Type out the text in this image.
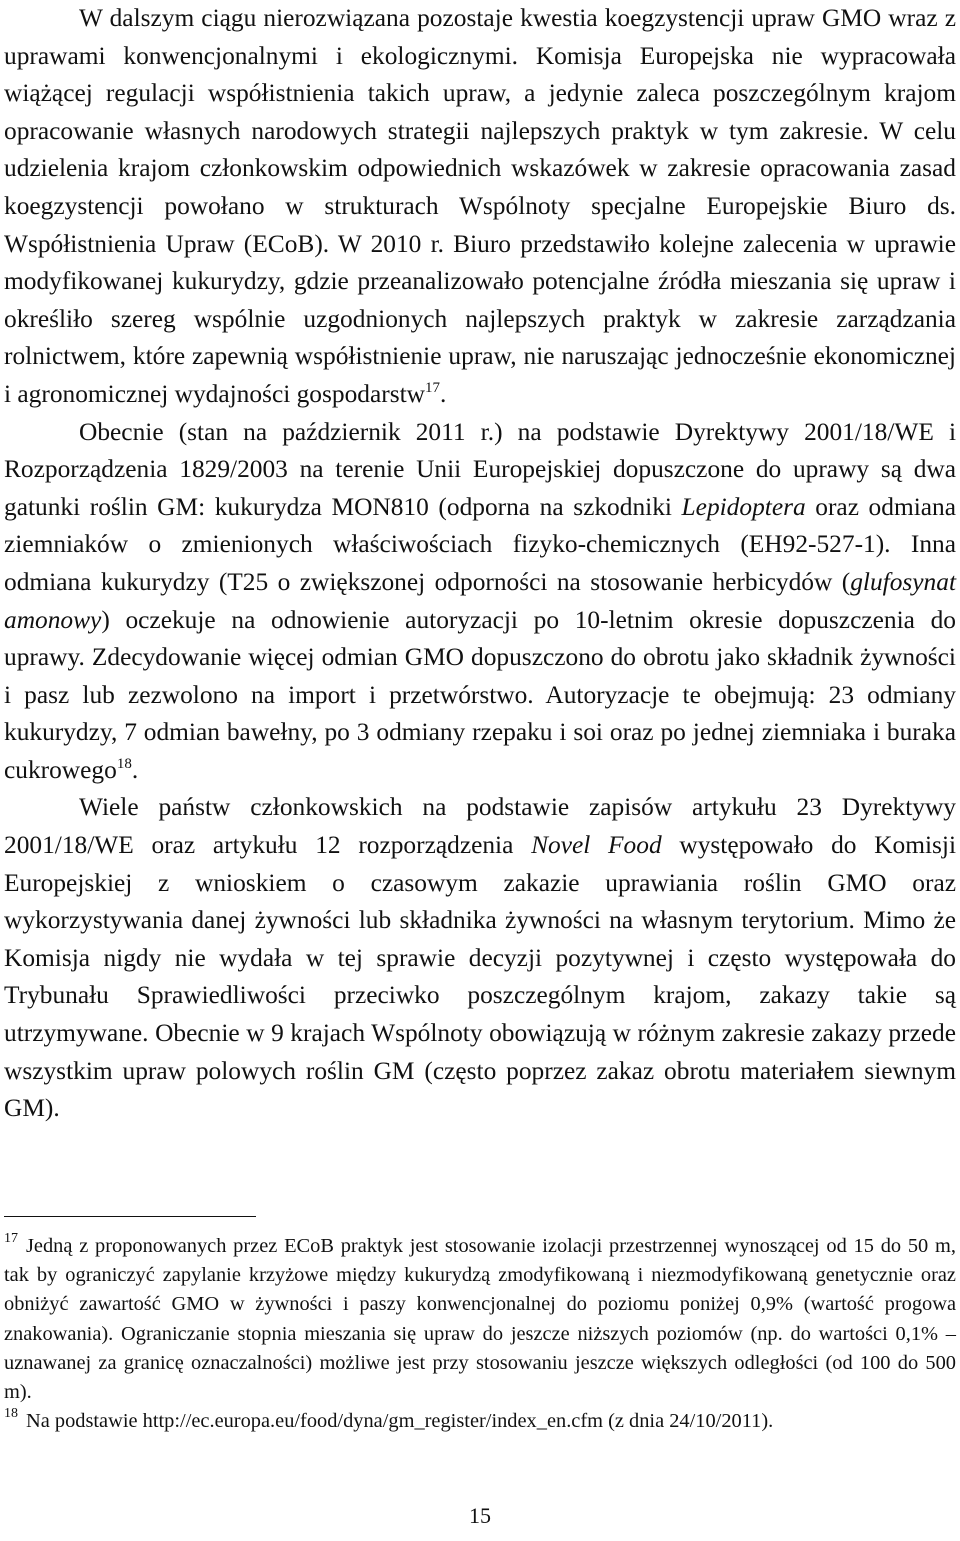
W dalszym ciągu nierozwiązana pozostaje kwestia koegzystencji upraw GMO wraz z uprawami konwencjonalnymi i ekologicznymi. Komisja Europejska nie wypracowała wiążącej regulacji współistnienia takich upraw, a jedynie zaleca poszczególnym krajom opracowanie własnych narodowych strategii najlepszych praktyk w tym zakresie. W celu udzielenia krajom członkowskim odpowiednich wskazówek w zakresie opracowania zasad koegzystencji powołano w strukturach Wspólnoty specjalne Europejskie Biuro ds. Współistnienia Upraw (ECoB). W 2010 r. Biuro przedstawiło kolejne zalecenia w uprawie modyfikowanej kukurydzy, gdzie przeanalizowało potencjalne źródła mieszania się upraw i określiło szereg wspólnie uzgodnionych najlepszych praktyk w zakresie zarządzania rolnictwem, które zapewnią współistnienie upraw, nie naruszając jednocześnie ekonomicznej i agronomicznej wydajności gospodarstw$^{17}$.

Obecnie (stan na październik 2011 r.) na podstawie Dyrektywy 2001/18/WE i Rozporządzenia 1829/2003 na terenie Unii Europejskiej dopuszczone do uprawy są dwa gatunki roślin GM: kukurydza MON810 (odporna na szkodniki Lepidoptera oraz odmiana ziemniaków o zmienionych właściwościach fizyko-chemicznych (EH92-527-1). Inna odmiana kukurydzy (T25 o zwiększonej odporności na stosowanie herbicydów (glufosynat amonowy) oczekuje na odnowienie autoryzacji po 10-letnim okresie dopuszczenia do uprawy. Zdecydowanie więcej odmian GMO dopuszczono do obrotu jako składnik żywności i pasz lub zezwolono na import i przetwórstwo. Autoryzacje te obejmują: 23 odmiany kukurydzy, 7 odmian bawełny, po 3 odmiany rzepaku i soi oraz po jednej ziemniaka i buraka cukrowego$^{18}$.

Wiele państw członkowskich na podstawie zapisów artykułu 23 Dyrektywy 2001/18/WE oraz artykułu 12 rozporządzenia Novel Food występowało do Komisji Europejskiej z wnioskiem o czasowym zakazie uprawiania roślin GMO oraz wykorzystywania danej żywności lub składnika żywności na własnym terytorium. Mimo że Komisja nigdy nie wydała w tej sprawie decyzji pozytywnej i często występowała do Trybunału Sprawiedliwości przeciwko poszczególnym krajom, zakazy takie są utrzymywane. Obecnie w 9 krajach Wspólnoty obowiązują w różnym zakresie zakazy przede wszystkim upraw polowych roślin GM (często poprzez zakaz obrotu materiałem siewnym GM).

$^{17}$ Jedną z proponowanych przez ECoB praktyk jest stosowanie izolacji przestrzennej wynoszącej od 15 do 50 m, tak by ograniczyć zapylanie krzyżowe między kukurydzą zmodyfikowaną i niezmodyfikowaną genetycznie oraz obniżyć zawartość GMO w żywności i paszy konwencjonalnej do poziomu poniżej 0,9% (wartość progowa znakowania). Ograniczanie stopnia mieszania się upraw do jeszcze niższych poziomów (np. do wartości 0,1% – uznawanej za granicę oznaczalności) możliwe jest przy stosowaniu jeszcze większych odległości (od 100 do 500 m).

$^{18}$ Na podstawie http://ec.europa.eu/food/dyna/gm_register/index_en.cfm (z dnia 24/10/2011).

15
